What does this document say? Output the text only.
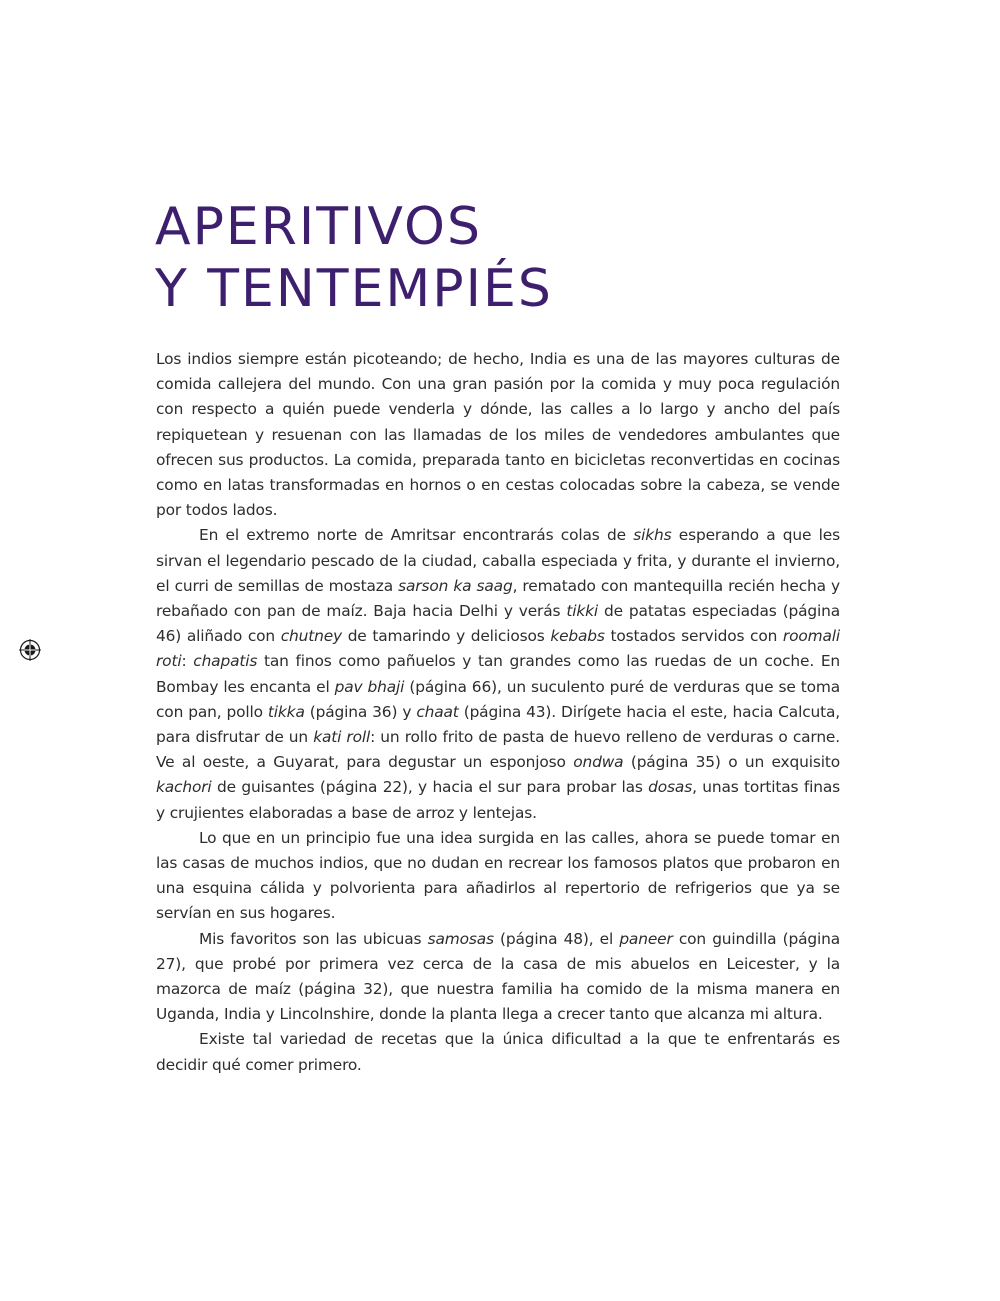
APERITIVOS
Y TENTEMPIÉS

Los indios siempre están picoteando; de hecho, India es una de las mayores culturas de comida callejera del mundo. Con una gran pasión por la comida y muy poca regulación con respecto a quién puede venderla y dónde, las calles a lo largo y ancho del país repiquetean y resuenan con las llamadas de los miles de vendedores ambulantes que ofrecen sus productos. La comida, preparada tanto en bicicletas reconvertidas en cocinas como en latas transformadas en hornos o en cestas colocadas sobre la cabeza, se vende por todos lados.

En el extremo norte de Amritsar encontrarás colas de sikhs esperando a que les sirvan el legendario pescado de la ciudad, caballa especiada y frita, y durante el invierno, el curri de semillas de mostaza sarson ka saag, rematado con mantequilla recién hecha y rebañado con pan de maíz. Baja hacia Delhi y verás tikki de patatas especiadas (página 46) aliñado con chutney de tamarindo y deliciosos kebabs tostados servidos con roomali roti: chapatis tan finos como pañuelos y tan grandes como las ruedas de un coche. En Bombay les encanta el pav bhaji (página 66), un suculento puré de verduras que se toma con pan, pollo tikka (página 36) y chaat (página 43). Dirígete hacia el este, hacia Calcuta, para disfrutar de un kati roll: un rollo frito de pasta de huevo relleno de verduras o carne. Ve al oeste, a Guyarat, para degustar un esponjoso ondwa (página 35) o un exquisito kachori de guisantes (página 22), y hacia el sur para probar las dosas, unas tortitas finas y crujientes elaboradas a base de arroz y lentejas.

Lo que en un principio fue una idea surgida en las calles, ahora se puede tomar en las casas de muchos indios, que no dudan en recrear los famosos platos que probaron en una esquina cálida y polvorienta para añadirlos al repertorio de refrigerios que ya se servían en sus hogares.

Mis favoritos son las ubicuas samosas (página 48), el paneer con guindilla (página 27), que probé por primera vez cerca de la casa de mis abuelos en Leicester, y la mazorca de maíz (página 32), que nuestra familia ha comido de la misma manera en Uganda, India y Lincolnshire, donde la planta llega a crecer tanto que alcanza mi altura.

Existe tal variedad de recetas que la única dificultad a la que te enfrentarás es decidir qué comer primero.
